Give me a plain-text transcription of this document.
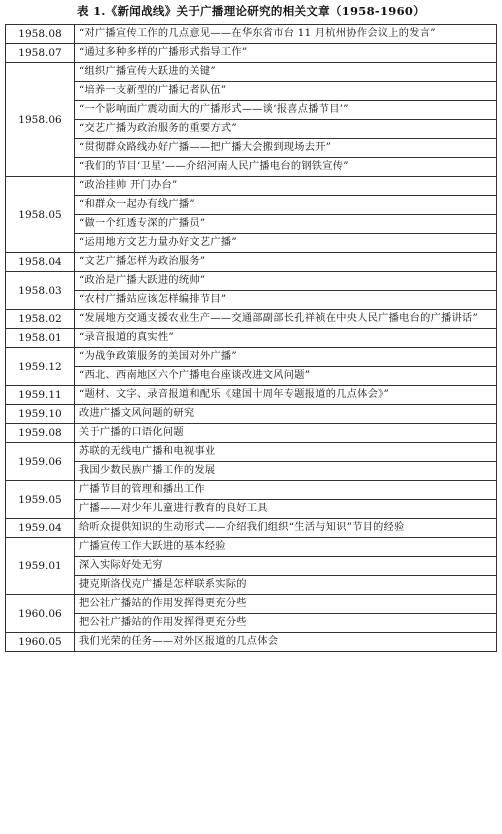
表 1.《新闻战线》关于广播理论研究的相关文章（1958-1960）
1958.08	“对广播宣传工作的几点意见——在华东省市台 11 月杭州协作会议上的发言”
1958.07	“通过多种多样的广播形式指导工作”
1958.06	“组织广播宣传大跃进的关键”
	“培养一支新型的广播记者队伍”
	“一个影响面广震动面大的广播形式——谈‘报喜点播节目’”
	“交艺广播为政治服务的重要方式”
	“贯彻群众路线办好广播——把广播大会搬到现场去开”
	“我们的节目‘卫星’——介绍河南人民广播电台的钢铁宣传”
1958.05	“政治挂帅 开门办台”
	“和群众一起办有线广播”
	“做一个红透专深的广播员”
	“运用地方文艺力量办好文艺广播”
1958.04	“文艺广播怎样为政治服务”
1958.03	“政治是广播大跃进的统帅”
	“农村广播站应该怎样编排节目”
1958.02	“发展地方交通支援农业生产——交通部副部长孔祥祯在中央人民广播电台的广播讲话”
1958.01	“录音报道的真实性”
1959.12	“为战争政策服务的美国对外广播”
	“西北、西南地区六个广播电台座谈改进文风问题”
1959.11	“题材、文字、录音报道和配乐《建国十周年专题报道的几点体会》”
1959.10	改进广播文风问题的研究
1959.08	关于广播的口语化问题
1959.06	苏联的无线电广播和电视事业
	我国少数民族广播工作的发展
1959.05	广播节目的管理和播出工作
	广播——对少年儿童进行教育的良好工具
1959.04	给听众提供知识的生动形式——介绍我们组织“生活与知识”节目的经验
1959.01	广播宣传工作大跃进的基本经验
	深入实际好处无穷
	捷克斯洛伐克广播是怎样联系实际的
1960.06	把公社广播站的作用发挥得更充分些
	把公社广播站的作用发挥得更充分些
1960.05	我们光荣的任务——对外区报道的几点体会
